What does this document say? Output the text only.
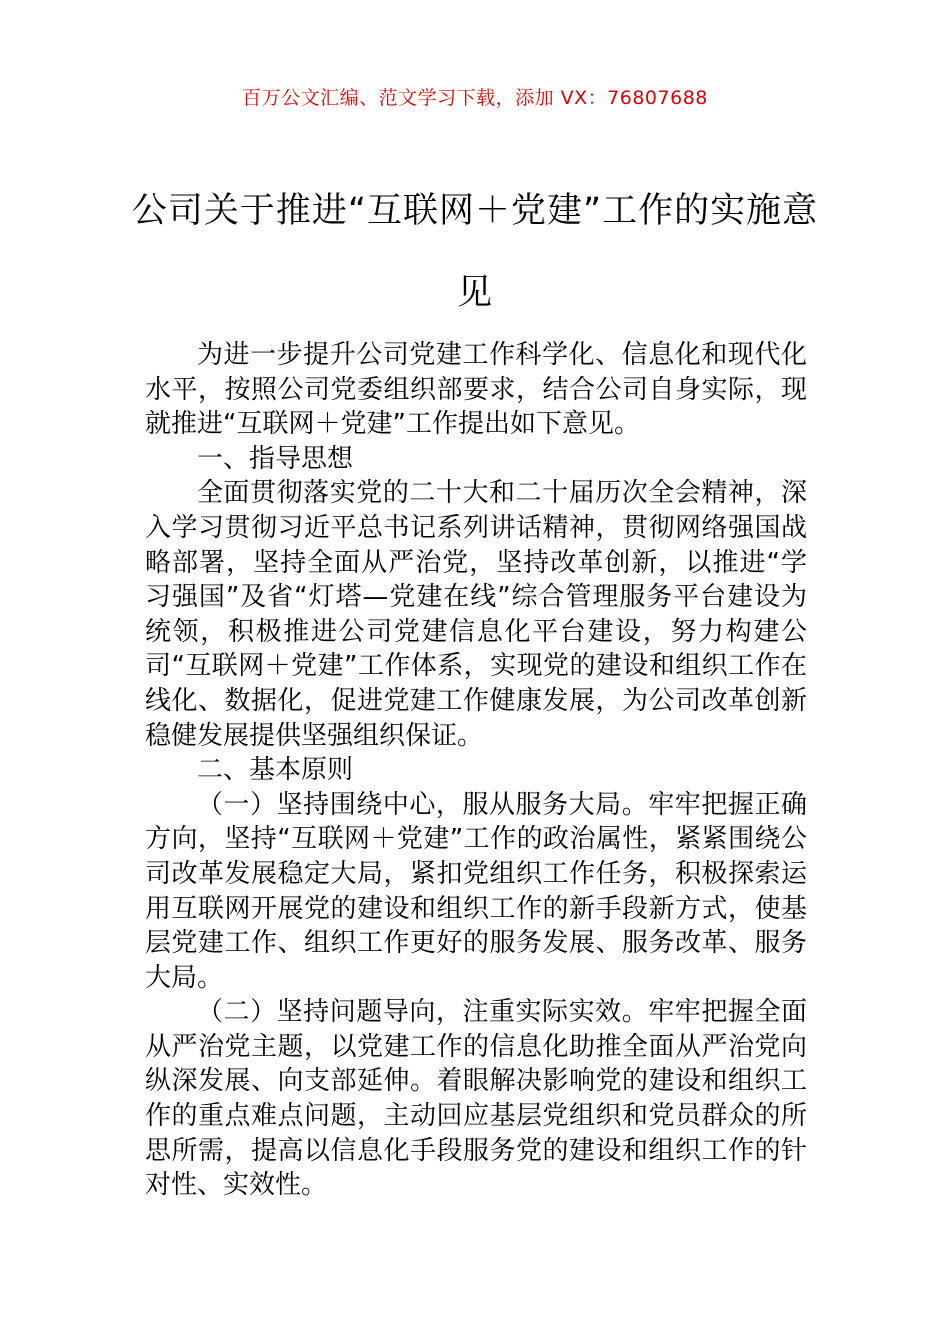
百万公文汇编、范文学习下载，添加 VX：76807688
公司关于推进“互联网＋党建”工作的实施意见

为进一步提升公司党建工作科学化、信息化和现代化水平，按照公司党委组织部要求，结合公司自身实际，现就推进“互联网＋党建”工作提出如下意见。

一、指导思想

全面贯彻落实党的二十大和二十届历次全会精神，深入学习贯彻习近平总书记系列讲话精神，贯彻网络强国战略部署，坚持全面从严治党，坚持改革创新，以推进“学习强国”及省“灯塔—党建在线”综合管理服务平台建设为统领，积极推进公司党建信息化平台建设，努力构建公司“互联网＋党建”工作体系，实现党的建设和组织工作在线化、数据化，促进党建工作健康发展，为公司改革创新稳健发展提供坚强组织保证。

二、基本原则

（一）坚持围绕中心，服从服务大局。牢牢把握正确方向，坚持“互联网＋党建”工作的政治属性，紧紧围绕公司改革发展稳定大局，紧扣党组织工作任务，积极探索运用互联网开展党的建设和组织工作的新手段新方式，使基层党建工作、组织工作更好的服务发展、服务改革、服务大局。

（二）坚持问题导向，注重实际实效。牢牢把握全面从严治党主题，以党建工作的信息化助推全面从严治党向纵深发展、向支部延伸。着眼解决影响党的建设和组织工作的重点难点问题，主动回应基层党组织和党员群众的所思所需，提高以信息化手段服务党的建设和组织工作的针对性、实效性。
